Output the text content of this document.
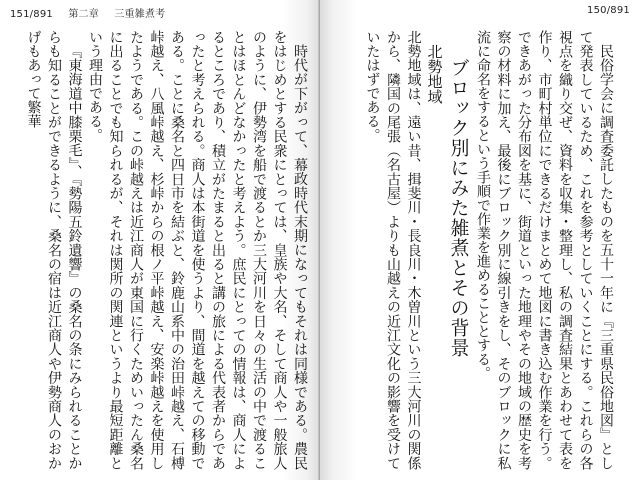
151/891 第二章 三重雑煮考

時代が下がって、幕政時代末期になってもそれは同様である。農民をはじめとする民衆にとっては、皇族や大名、そして商人や一般旅人のように、伊勢湾を船で渡るとか三大河川を日々の生活の中で渡ることはほとんどなかったと考えよう。庶民にとっての情報は、商人によるところであり、積立がたまると出ると講の旅による代表者からであったと考えられる。商人は本街道を使うより、間道を越えての移動である。ことに桑名と四日市を結ぶと、鈴鹿山系中の治田峠越え、石榑峠越え、八風峠越え、杉峠からの根ノ平峠越え、安楽峠越えを使用したようである。この峠越えは近江商人が東国に行くためいったん桑名に出ることでも知られるが、それは関所の関連というより最短距離という理由である。

『東海道中膝栗毛』、『勢陽五鈴遺響』の桑名の条にみられることからも知ることができるように、桑名の宿は近江商人や伊勢商人のおかげもあって繁華

150/891

民俗学会に調査委託したものを五十一年に『三重県民俗地図』として発表しているため、これを参考としていくことにする。これらの各視点を織り交ぜ、資料を収集・整理し、私の調査結果とあわせて表を作り、市町村単位にできるだけまとめて地図に書き込む作業を行う。できあがった分布図を基に、街道といった地理やその地域の歴史を考察の材料に加え、最後にブロック別に線引きをし、そのブロックに私流に命名をするという手順で作業を進めることとする。

ブロック別にみた雑煮とその背景

北勢地域

北勢地域は、遠い昔、揖斐川・長良川・木曽川という三大河川の関係から、隣国の尾張（名古屋）よりも山越えの近江文化の影響を受けていたはずである。
